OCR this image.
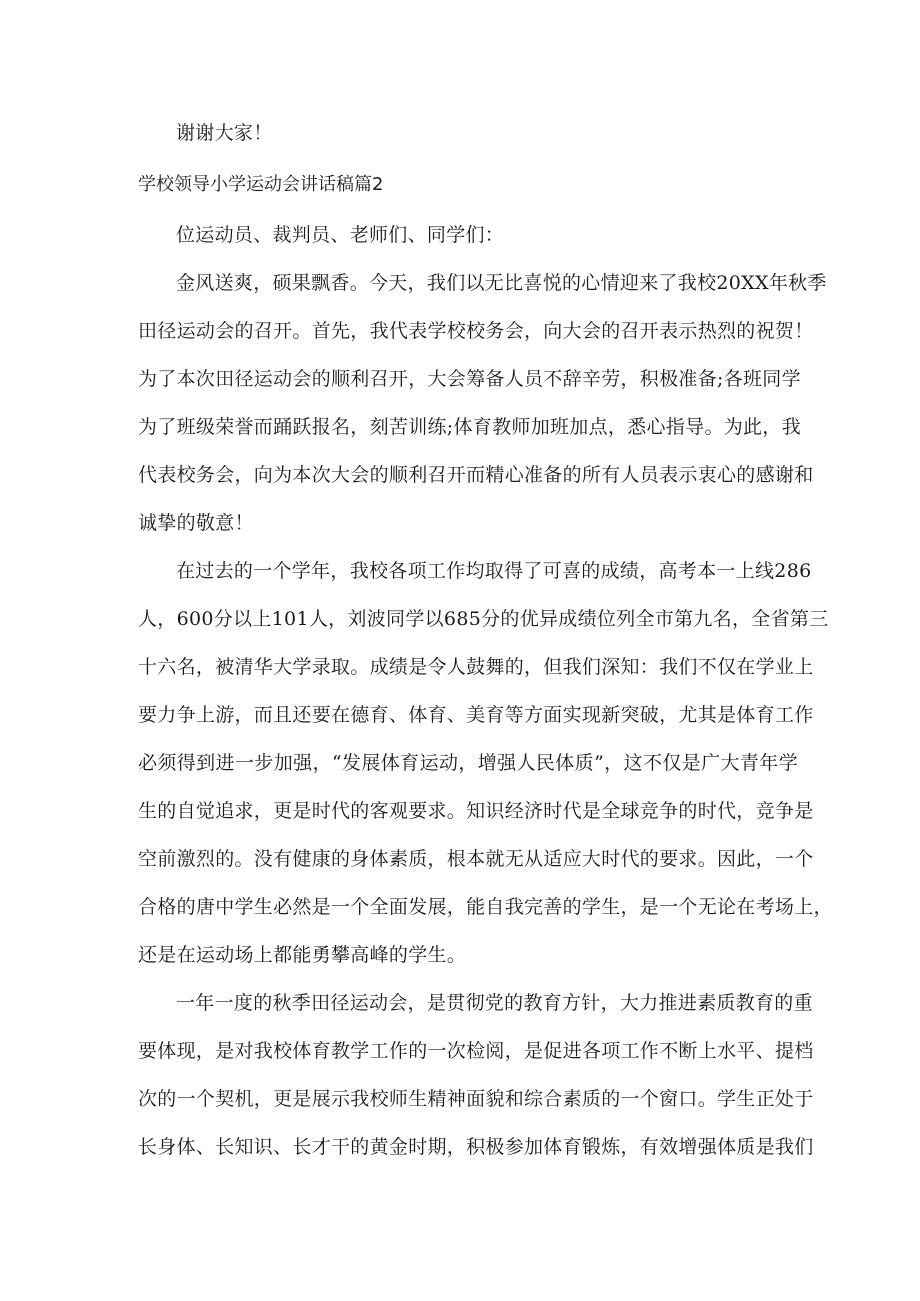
谢谢大家！
学校领导小学运动会讲话稿篇2
位运动员、裁判员、老师们、同学们：
金风送爽，硕果飘香。今天，我们以无比喜悦的心情迎来了我校20XX年秋季
田径运动会的召开。首先，我代表学校校务会，向大会的召开表示热烈的祝贺！
为了本次田径运动会的顺利召开，大会筹备人员不辞辛劳，积极准备;各班同学
为了班级荣誉而踊跃报名，刻苦训练;体育教师加班加点，悉心指导。为此，我
代表校务会，向为本次大会的顺利召开而精心准备的所有人员表示衷心的感谢和
诚挚的敬意！
在过去的一个学年，我校各项工作均取得了可喜的成绩，高考本一上线286
人，600分以上101人，刘波同学以685分的优异成绩位列全市第九名，全省第三
十六名，被清华大学录取。成绩是令人鼓舞的，但我们深知：我们不仅在学业上
要力争上游，而且还要在德育、体育、美育等方面实现新突破，尤其是体育工作
必须得到进一步加强，“发展体育运动，增强人民体质”，这不仅是广大青年学
生的自觉追求，更是时代的客观要求。知识经济时代是全球竞争的时代，竞争是
空前激烈的。没有健康的身体素质，根本就无从适应大时代的要求。因此，一个
合格的唐中学生必然是一个全面发展，能自我完善的学生，是一个无论在考场上，
还是在运动场上都能勇攀高峰的学生。
一年一度的秋季田径运动会，是贯彻党的教育方针，大力推进素质教育的重
要体现，是对我校体育教学工作的一次检阅，是促进各项工作不断上水平、提档
次的一个契机，更是展示我校师生精神面貌和综合素质的一个窗口。学生正处于
长身体、长知识、长才干的黄金时期，积极参加体育锻炼，有效增强体质是我们
